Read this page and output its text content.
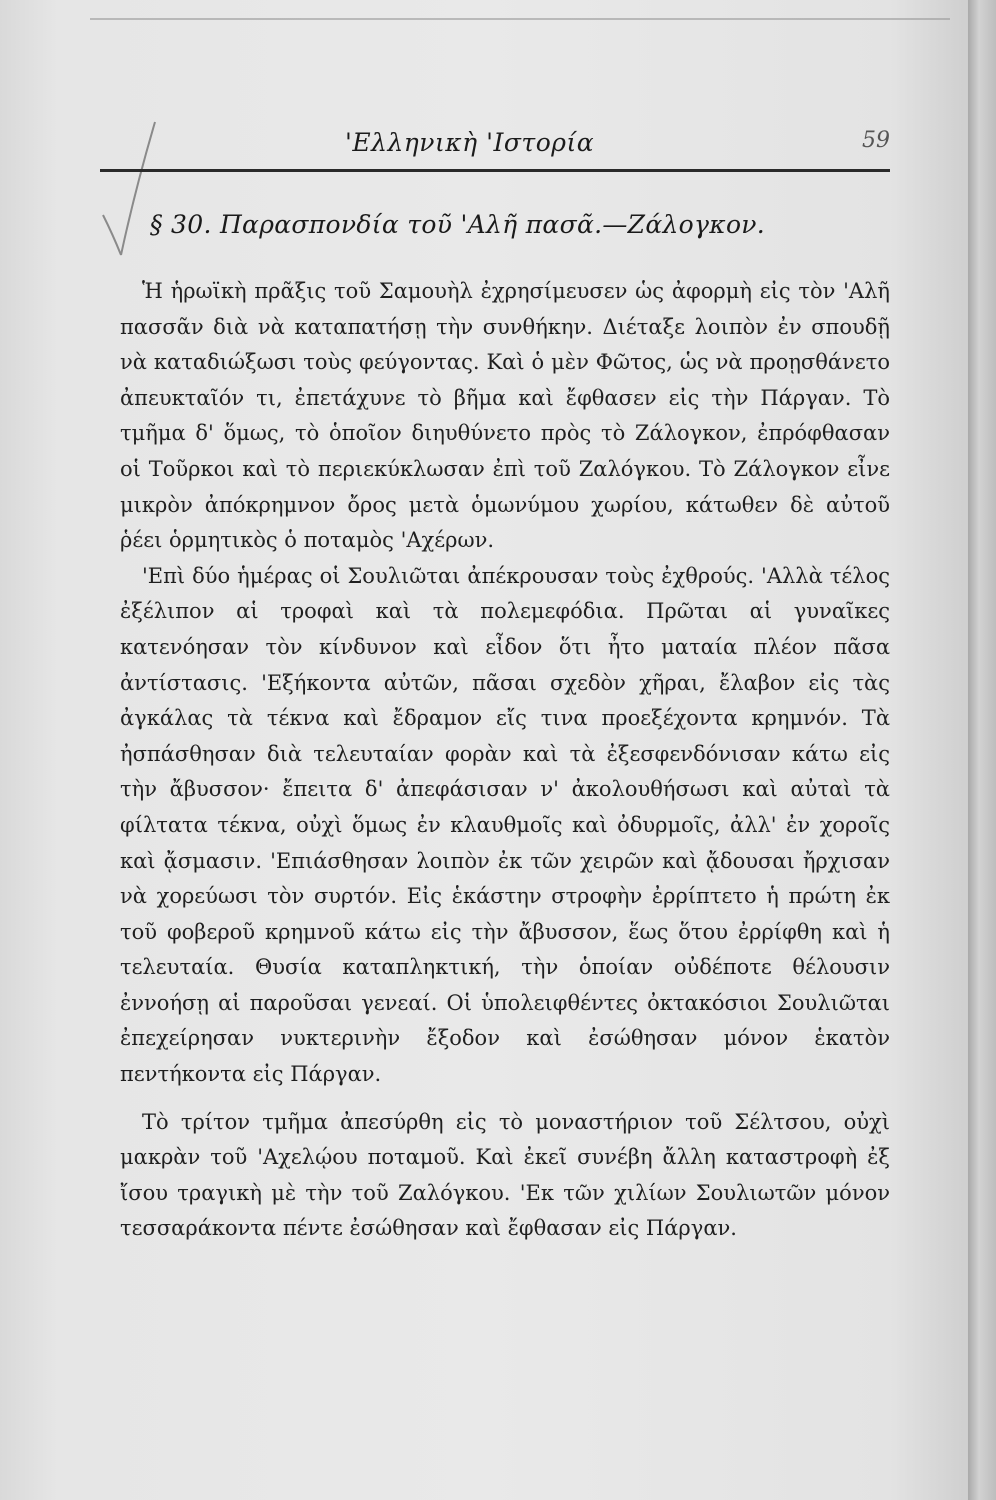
'Ελληνικὴ 'Ιστορία	59
§ 30. Παρασπονδία τοῦ 'Αλῆ πασᾶ.—Ζάλογκον.

Ἡ ἡρωϊκὴ πρᾶξις τοῦ Σαμουὴλ ἐχρησίμευσεν ὡς ἀφορμὴ εἰς τὸν 'Αλῆ πασσᾶν διὰ νὰ καταπατήσῃ τὴν συνθήκην. Διέταξε λοιπὸν ἐν σπουδῇ νὰ καταδιώξωσι τοὺς φεύγοντας. Καὶ ὁ μὲν Φῶτος, ὡς νὰ προῃσθάνετο ἀπευκταῖόν τι, ἐπετάχυνε τὸ βῆμα καὶ ἔφθασεν εἰς τὴν Πάργαν. Τὸ τμῆμα δ' ὅμως, τὸ ὁποῖον διηυθύνετο πρὸς τὸ Ζάλογκον, ἐπρόφθασαν οἱ Τοῦρκοι καὶ τὸ περιεκύκλωσαν ἐπὶ τοῦ Ζαλόγκου. Τὸ Ζάλογκον εἶνε μικρὸν ἀπόκρημνον ὄρος μετὰ ὁμωνύμου χωρίου, κάτωθεν δὲ αὐτοῦ ῥέει ὁρμητικὸς ὁ ποταμὸς 'Αχέρων.

'Επὶ δύο ἡμέρας οἱ Σουλιῶται ἀπέκρουσαν τοὺς ἐχθρούς. 'Αλλὰ τέλος ἐξέλιπον αἱ τροφαὶ καὶ τὰ πολεμεφόδια. Πρῶται αἱ γυναῖκες κατενόησαν τὸν κίνδυνον καὶ εἶδον ὅτι ἦτο ματαία πλέον πᾶσα ἀντίστασις. 'Εξήκοντα αὐτῶν, πᾶσαι σχεδὸν χῆραι, ἔλαβον εἰς τὰς ἀγκάλας τὰ τέκνα καὶ ἔδραμον εἴς τινα προεξέχοντα κρημνόν. Τὰ ἠσπάσθησαν διὰ τελευταίαν φορὰν καὶ τὰ ἐξεσφενδόνισαν κάτω εἰς τὴν ἄβυσσον· ἔπειτα δ' ἀπεφάσισαν ν' ἀκολουθήσωσι καὶ αὐταὶ τὰ φίλτατα τέκνα, οὐχὶ ὅμως ἐν κλαυθμοῖς καὶ ὀδυρμοῖς, ἀλλ' ἐν χοροῖς καὶ ᾄσμασιν. 'Επιάσθησαν λοιπὸν ἐκ τῶν χειρῶν καὶ ᾄδουσαι ἤρχισαν νὰ χορεύωσι τὸν συρτόν. Εἰς ἑκάστην στροφὴν ἐρρίπτετο ἡ πρώτη ἐκ τοῦ φοβεροῦ κρημνοῦ κάτω εἰς τὴν ἄβυσσον, ἕως ὅτου ἐρρίφθη καὶ ἡ τελευταία. Θυσία καταπληκτική, τὴν ὁποίαν οὐδέποτε θέλουσιν ἐννοήσῃ αἱ παροῦσαι γενεαί. Οἱ ὑπολειφθέντες ὀκτακόσιοι Σουλιῶται ἐπεχείρησαν νυκτερινὴν ἔξοδον καὶ ἐσώθησαν μόνον ἑκατὸν πεντήκοντα εἰς Πάργαν.

Τὸ τρίτον τμῆμα ἀπεσύρθη εἰς τὸ μοναστήριον τοῦ Σέλτσου, οὐχὶ μακρὰν τοῦ 'Αχελῴου ποταμοῦ. Καὶ ἐκεῖ συνέβη ἄλλη καταστροφὴ ἐξ ἴσου τραγικὴ μὲ τὴν τοῦ Ζαλόγκου. 'Εκ τῶν χιλίων Σουλιωτῶν μόνον τεσσαράκοντα πέντε ἐσώθησαν καὶ ἔφθασαν εἰς Πάργαν.
